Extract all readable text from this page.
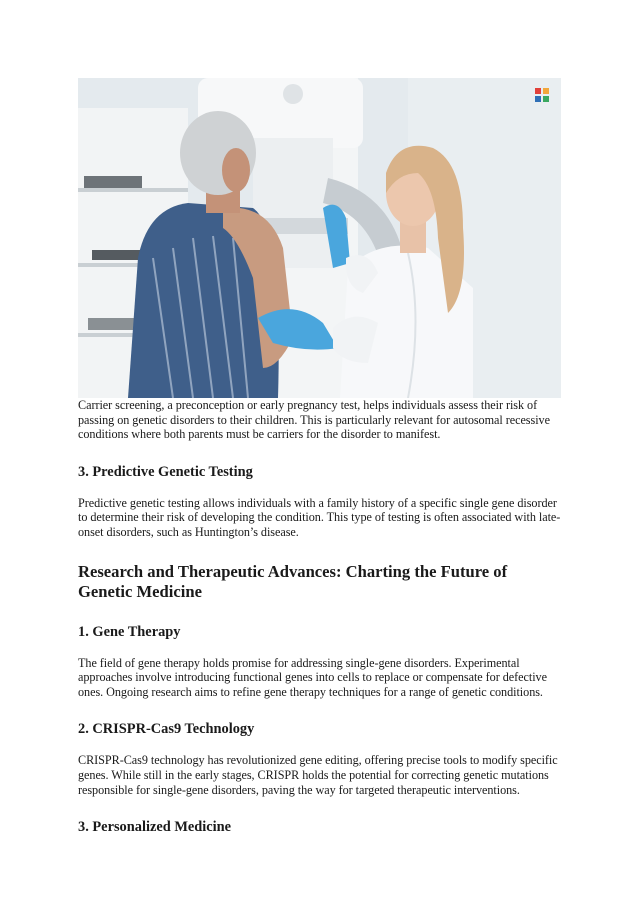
Carrier screening, a preconception or early pregnancy test, helps individuals assess their risk of passing on genetic disorders to their children. This is particularly relevant for autosomal recessive conditions where both parents must be carriers for the disorder to manifest.

3. Predictive Genetic Testing

Predictive genetic testing allows individuals with a family history of a specific single gene disorder to determine their risk of developing the condition. This type of testing is often associated with late-onset disorders, such as Huntington’s disease.

Research and Therapeutic Advances: Charting the Future of Genetic Medicine
1. Gene Therapy

The field of gene therapy holds promise for addressing single-gene disorders. Experimental approaches involve introducing functional genes into cells to replace or compensate for defective ones. Ongoing research aims to refine gene therapy techniques for a range of genetic conditions.

2. CRISPR-Cas9 Technology

CRISPR-Cas9 technology has revolutionized gene editing, offering precise tools to modify specific genes. While still in the early stages, CRISPR holds the potential for correcting genetic mutations responsible for single-gene disorders, paving the way for targeted therapeutic interventions.

3. Personalized Medicine
